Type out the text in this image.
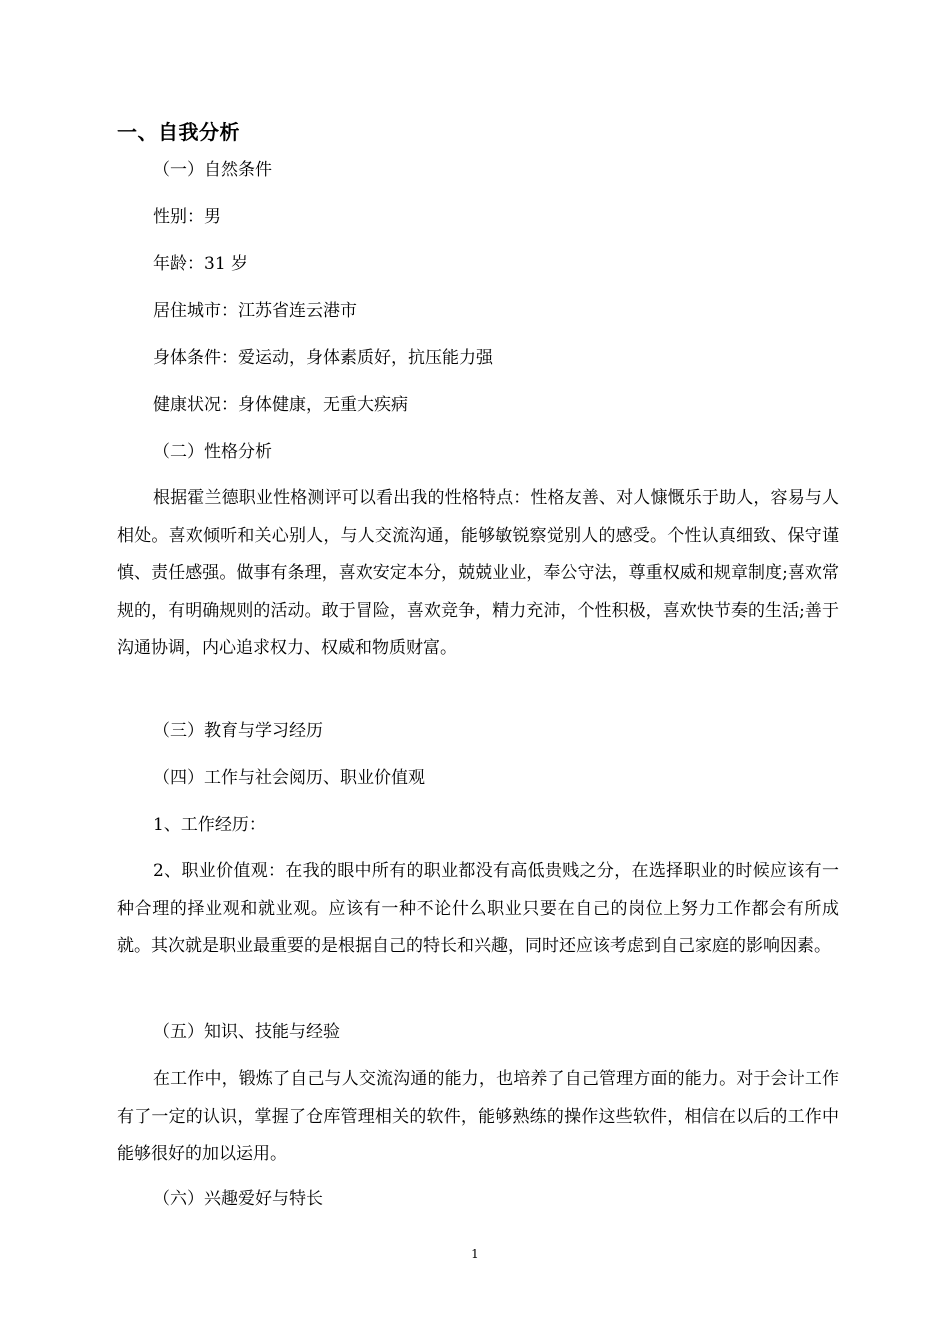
一、自我分析
（一）自然条件
性别：男
年龄：31 岁
居住城市：江苏省连云港市
身体条件：爱运动，身体素质好，抗压能力强
健康状况：身体健康，无重大疾病
（二）性格分析
根据霍兰德职业性格测评可以看出我的性格特点：性格友善、对人慷慨乐于助人，容易与人相处。喜欢倾听和关心别人，与人交流沟通，能够敏锐察觉别人的感受。个性认真细致、保守谨慎、责任感强。做事有条理，喜欢安定本分，兢兢业业，奉公守法，尊重权威和规章制度;喜欢常规的，有明确规则的活动。敢于冒险，喜欢竞争，精力充沛，个性积极，喜欢快节奏的生活;善于沟通协调，内心追求权力、权威和物质财富。
（三）教育与学习经历
（四）工作与社会阅历、职业价值观
1、工作经历：
2、职业价值观：在我的眼中所有的职业都没有高低贵贱之分，在选择职业的时候应该有一种合理的择业观和就业观。应该有一种不论什么职业只要在自己的岗位上努力工作都会有所成就。其次就是职业最重要的是根据自己的特长和兴趣，同时还应该考虑到自己家庭的影响因素。
（五）知识、技能与经验
在工作中，锻炼了自己与人交流沟通的能力，也培养了自己管理方面的能力。对于会计工作有了一定的认识，掌握了仓库管理相关的软件，能够熟练的操作这些软件，相信在以后的工作中能够很好的加以运用。
（六）兴趣爱好与特长
1
